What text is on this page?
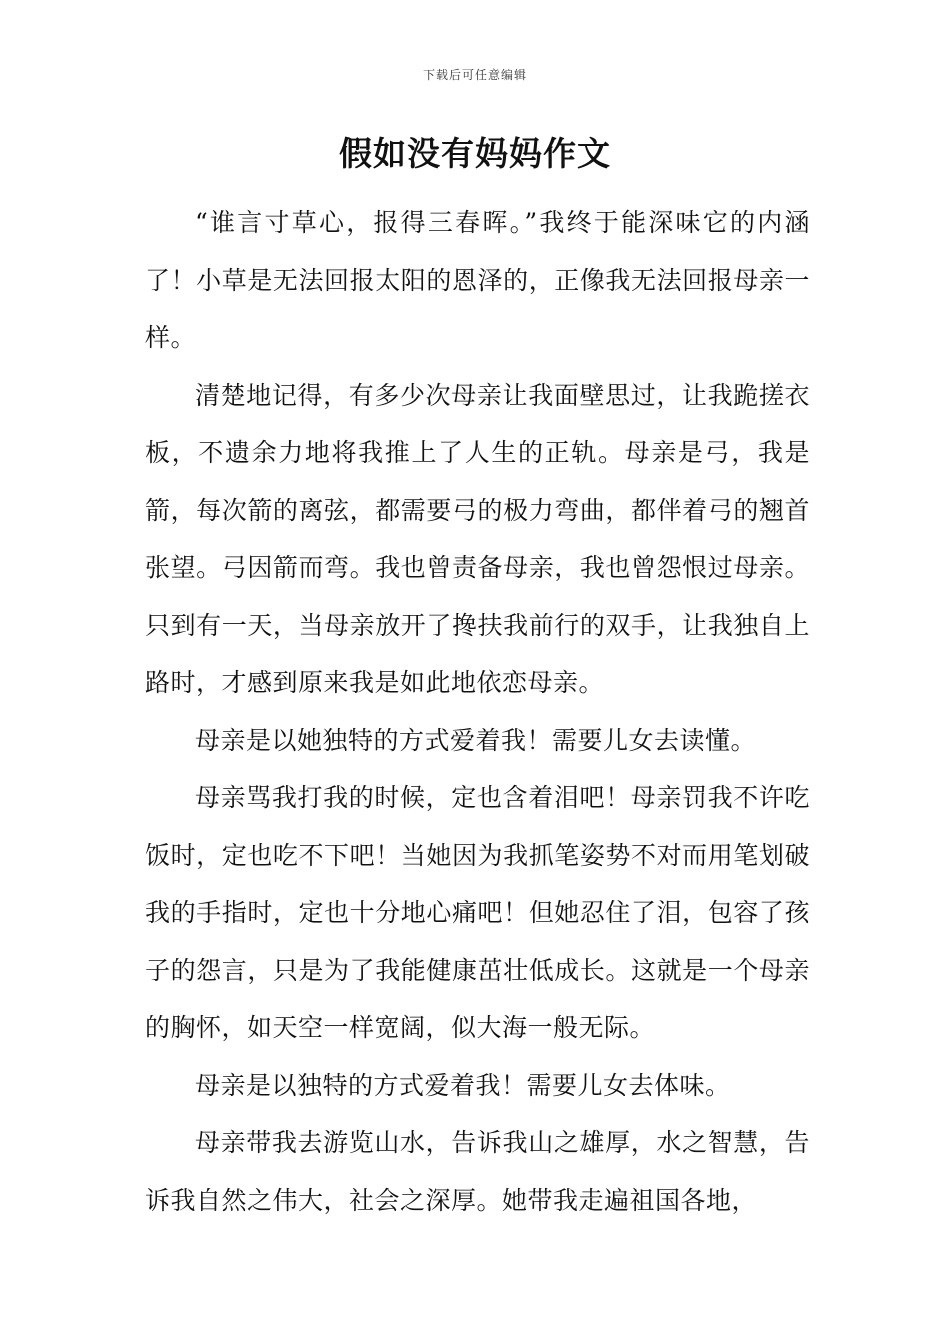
下载后可任意编辑
假如没有妈妈作文

“谁言寸草心，报得三春晖。”我终于能深味它的内涵了！小草是无法回报太阳的恩泽的，正像我无法回报母亲一样。

清楚地记得，有多少次母亲让我面壁思过，让我跪搓衣板，不遗余力地将我推上了人生的正轨。母亲是弓，我是箭，每次箭的离弦，都需要弓的极力弯曲，都伴着弓的翘首张望。弓因箭而弯。我也曾责备母亲，我也曾怨恨过母亲。只到有一天，当母亲放开了搀扶我前行的双手，让我独自上路时，才感到原来我是如此地依恋母亲。

母亲是以她独特的方式爱着我！需要儿女去读懂。

母亲骂我打我的时候，定也含着泪吧！母亲罚我不许吃饭时，定也吃不下吧！当她因为我抓笔姿势不对而用笔划破我的手指时，定也十分地心痛吧！但她忍住了泪，包容了孩子的怨言，只是为了我能健康茁壮低成长。这就是一个母亲的胸怀，如天空一样宽阔，似大海一般无际。

母亲是以独特的方式爱着我！需要儿女去体味。

母亲带我去游览山水，告诉我山之雄厚，水之智慧，告诉我自然之伟大，社会之深厚。她带我走遍祖国各地，
